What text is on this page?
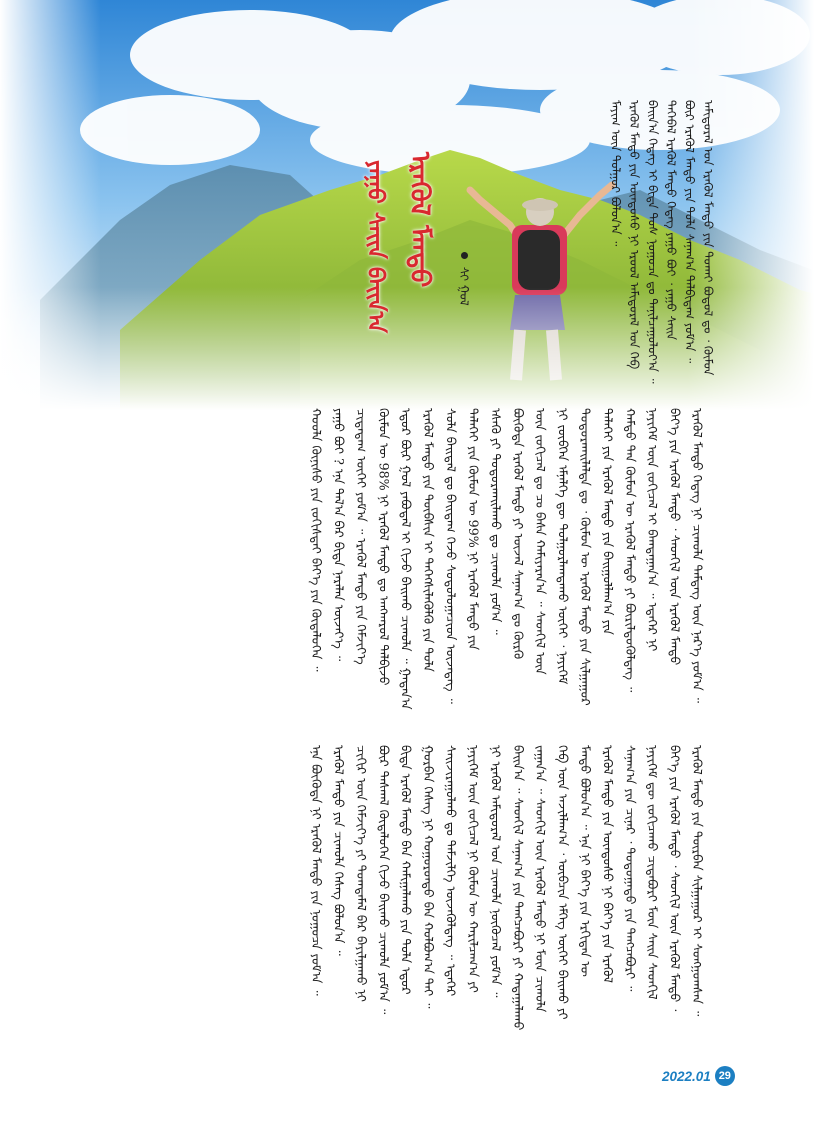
ᠡᠷᠡᠭᠦᠯ ᠮᠡᠨᠳᠦ
ᠶᠠᠭᠤ ᠰᠠᠢᠨ ᠪᠠᠢᠨ᠎ᠠ	ᠰᠢ ᠭᠤᠯ	ᠠᠮᠢᠳᠤᠷᠠᠯ ᠤᠨ ᠡᠷᠡᠭᠦᠯ ᠮᠡᠨᠳᠦ ᠶᠢᠨ ᠲᠤᠬᠠᠢ ᠪᠣᠳᠣᠯ ᠳᠤ ᠂ ᠬᠦᠮᠦᠨ
ᠪᠦᠷ ᠡᠷᠡᠭᠦᠯ ᠮᠡᠨᠳᠦ ᠶᠢᠨ ᠲᠤᠯᠠ ᠰᠠᠨᠠᠭ᠎ᠠ ᠲᠠᠯᠪᠢᠳᠠᠭ ᠶᠤᠮ᠎ᠠ ᠃
ᠲᠡᠭᠡᠪᠡᠯ ᠡᠷᠡᠭᠦᠯ ᠮᠡᠨᠳᠦ ᠭᠡᠳᠡᠭ ᠶᠠᠭᠤ ᠪᠤᠢ ᠂ ᠶᠠᠭᠤ ᠰᠠᠢᠨ
ᠪᠠᠢᠨ᠎ᠠ ᠭᠡᠳᠡᠭ ᠢ ᠪᠢᠳᠡ ᠲᠤᠰ ᠨᠤᠭᠤᠴᠠ ᠳᠤ ᠲᠠᠨᠢᠯᠴᠠᠭᠤᠯᠤᠶ᠎ᠠ ᠃
ᠡᠷᠡᠭᠦᠯ ᠮᠡᠨᠳᠦ ᠶᠢᠨ ᠦᠨᠳᠦᠰᠦ ᠨᠢ ᠡᠷᠦᠦᠯ ᠠᠮᠢᠳᠤᠷᠠᠯ ᠤᠨ ᠬᠡᠪ
ᠮᠠᠶᠢᠭ ᠦᠨ ᠲᠤᠯᠭᠤᠷ ᠪᠣᠯᠤᠨ᠎ᠠ ᠃
ᠡᠷᠡᠭᠦᠯ ᠮᠡᠨᠳᠦ ᠭᠡᠳᠡᠭ ᠨᠢ ᠴᠢᠬᠤᠯᠠ ᠲᠡᠮᠳᠡᠭ ᠦᠨ ᠨᠡᠷ᠎ᠡ ᠶᠤᠮ᠎ᠠ ᠃
ᠪᠡᠶ᠎ᠡ ᠶᠢᠨ ᠡᠷᠡᠭᠦᠯ ᠮᠡᠨᠳᠦ ᠂ ᠰᠡᠳᠬᠢᠯ ᠦᠨ ᠡᠷᠡᠭᠦᠯ ᠮᠡᠨᠳᠦ
ᠨᠡᠶᠢᠭᠡᠮ ᠦᠨ ᠵᠣᠬᠢᠴᠠᠯ ᠢ ᠪᠠᠭᠲᠠᠭᠠᠨ᠎ᠠ ᠃ ᠡᠳᠡᠭᠡᠷ ᠨᠢ
ᠬᠠᠮᠲᠤ ᠳᠠᠨ ᠬᠦᠮᠦᠨ ᠦ ᠡᠷᠡᠭᠦᠯ ᠮᠡᠨᠳᠦ ᠶᠢ ᠪᠦᠷᠢᠯᠳᠦᠭᠦᠯᠳᠡᠭ ᠃
ᠳᠡᠯᠡᠬᠡᠢ ᠶᠢᠨ ᠡᠷᠡᠭᠦᠯ ᠮᠡᠨᠳᠦ ᠶᠢᠨ ᠪᠠᠢᠭᠤᠯᠯᠠᠭ᠎ᠠ ᠶᠢᠨ
ᠲᠣᠳᠤᠷᠬᠠᠢᠯᠠᠯᠲᠠ ᠳᠤ ᠂ ᠬᠦᠮᠦᠨ ᠦ ᠡᠷᠡᠭᠦᠯ ᠮᠡᠨᠳᠦ ᠶᠢᠨ ᠰᠢᠯᠭᠠᠭᠤᠷ
ᠨᠢ ᠵᠦᠪᠬᠡᠨ ᠡᠮᠨᠡᠯᠭᠡ ᠳᠦ ᠲᠤᠯᠭᠤᠷᠯᠠᠭᠳᠠᠬᠤ ᠦᠭᠡᠢ ᠂ ᠨᠡᠶᠢᠭᠡᠮ
ᠦᠨ ᠵᠣᠬᠢᠴᠠᠯ ᠳᠤ ᠴᠤ ᠪᠠᠰᠠ ᠬᠠᠮᠢᠶᠠᠷᠠᠨ᠎ᠠ ᠃ ᠰᠡᠳᠬᠢᠯ ᠦᠨ
ᠪᠦᠭᠦᠳᠡ ᠡᠷᠡᠭᠦᠯ ᠮᠡᠨᠳᠦ ᠶᠢ ᠦᠵᠡᠯ ᠰᠠᠨᠠᠭ᠎ᠠ ᠳᠤ ᠬᠦᠷᠬᠦ
ᠡᠰᠡᠬᠦ ᠶᠢ ᠲᠣᠳᠤᠷᠬᠠᠢᠯᠠᠬᠤ ᠳᠤ ᠴᠢᠬᠤᠯᠠ ᠶᠤᠮ᠎ᠠ ᠃
ᠳᠡᠯᠡᠬᠡᠢ ᠶᠢᠨ ᠬᠦᠮᠦᠨ ᠦ 99% ᠨᠢ ᠡᠷᠡᠭᠦᠯ ᠮᠡᠨᠳᠦ ᠶᠢᠨ
ᠰᠤᠯᠠ ᠪᠠᠢᠳᠠᠯ ᠳᠤ ᠪᠠᠢᠳᠠᠭ ᠭᠡᠵᠦ ᠰᠤᠳᠤᠯᠤᠭᠠᠴᠢᠳ ᠦᠵᠡᠳᠡᠭ ᠃
ᠡᠷᠡᠭᠦᠯ ᠮᠡᠨᠳᠦ ᠶᠢᠨ ᠲᠦᠪᠰᠢᠨ ᠢ ᠳᠡᠭᠡᠭᠰᠢᠯᠡᠭᠦᠯᠬᠦ ᠶᠢᠨ ᠲᠤᠯᠠ
ᠡᠳᠦᠷ ᠪᠦᠷ ᠭᠣᠯ ᠶᠠᠪᠤᠳᠠᠯ ᠢ ᠬᠢᠵᠦ ᠪᠠᠢᠬᠤ ᠴᠢᠬᠤᠯᠠ ᠃ ᠭᠠᠳᠠᠨ᠎ᠠ
ᠬᠦᠮᠦᠨ ᠦ 98% ᠨᠢ ᠡᠷᠡᠭᠦᠯ ᠮᠡᠨᠳᠦ ᠳᠤ ᠠᠩᠬᠠᠷᠤᠯ ᠲᠠᠯᠪᠢᠵᠤ
ᠴᠢᠳᠠᠳᠠᠭ ᠦᠭᠡᠢ ᠶᠤᠮ᠎ᠠ ᠃ ᠡᠷᠡᠭᠦᠯ ᠮᠡᠨᠳᠦ ᠶᠢᠨ ᠬᠡᠮᠵᠢᠶ᠎ᠡ
ᠶᠠᠭᠤ ᠪᠤᠢ ? ᠡᠨᠡ ᠲᠠᠯ᠎ᠠ ᠪᠠᠷ ᠪᠢᠳᠡ ᠨᠡᠷᠡᠯᠡᠨ ᠦᠵᠡᠶ᠎ᠡ ᠃
ᠬᠣᠣᠯᠠ ᠬᠦᠨᠢᠰᠦ ᠶᠢᠨ ᠵᠣᠬᠢᠰᠲᠠᠢ ᠪᠡᠶ᠎ᠡ ᠶᠢᠨ ᠬᠦᠳᠡᠯᠦᠭᠡᠨ ᠃
ᠡᠷᠡᠭᠦᠯ ᠮᠡᠨᠳᠦ ᠶᠢᠨ ᠳᠥᠷᠪᠡᠨ ᠰᠢᠯᠭᠠᠭᠤᠷ ᠢ ᠰᠣᠩᠭᠣᠭᠰᠠᠨ ᠃
ᠪᠡᠶ᠎ᠡ ᠶᠢᠨ ᠡᠷᠡᠭᠦᠯ ᠮᠡᠨᠳᠦ ᠂ ᠰᠡᠳᠬᠢᠯ ᠦᠨ ᠡᠷᠡᠭᠦᠯ ᠮᠡᠨᠳᠦ ᠂
ᠨᠡᠶᠢᠭᠡᠮ ᠳᠦ ᠵᠣᠬᠢᠴᠠᠬᠤ ᠴᠢᠳᠠᠪᠤᠷᠢ ᠮᠥᠨ ᠰᠠᠢᠨ ᠰᠡᠳᠬᠢᠯ
ᠰᠠᠨᠠᠭ᠎ᠠ ᠶᠢᠨ ᠴᠢᠨᠠᠷ ᠂ ᠳᠣᠲᠣᠭᠠᠳᠤ ᠶᠢᠨ ᠲᠡᠩᠴᠡᠪᠦᠷᠢ ᠃
ᠡᠷᠡᠭᠦᠯ ᠮᠡᠨᠳᠦ ᠶᠢᠨ ᠦᠨᠳᠦᠰᠦ ᠨᠢ ᠪᠡᠶ᠎ᠡ ᠶᠢᠨ ᠡᠷᠡᠭᠦᠯ
ᠮᠡᠨᠳᠦ ᠪᠣᠯᠤᠨ᠎ᠠ ᠃ ᠡᠨᠡ ᠨᠢ ᠪᠡᠶ᠎ᠡ ᠶᠢᠨ ᠡᠷᠬᠢᠲᠡᠨ ᠦ
ᠬᠡᠪ ᠦᠨ ᠠᠵᠢᠯᠯᠠᠭ᠎ᠠ ᠂ ᠥᠪᠴᠢᠨ ᠡᠮᠭᠡᠭ ᠦᠭᠡᠢ ᠪᠠᠢᠬᠤ ᠶᠢ
ᠵᠠᠭᠠᠨ᠎ᠠ ᠃ ᠰᠡᠳᠬᠢᠯ ᠦᠨ ᠡᠷᠡᠭᠦᠯ ᠮᠡᠨᠳᠦ ᠨᠢ ᠮᠥᠨ ᠴᠢᠬᠤᠯᠠ
ᠪᠠᠢᠨ᠎ᠠ ᠃ ᠰᠡᠳᠬᠢᠯ ᠰᠠᠨᠠᠭ᠎ᠠ ᠶᠢᠨ ᠲᠡᠩᠴᠡᠪᠦᠷᠢ ᠶᠢ ᠬᠠᠳᠠᠭᠠᠯᠠᠬᠤ
ᠨᠢ ᠡᠷᠡᠭᠦᠯ ᠠᠮᠢᠳᠤᠷᠠᠯ ᠤᠨ ᠴᠢᠬᠤᠯᠠ ᠨᠥᠬᠦᠴᠡᠯ ᠶᠤᠮ᠎ᠠ ᠃
ᠨᠡᠶᠢᠭᠡᠮ ᠦᠨ ᠵᠣᠬᠢᠴᠠᠯ ᠨᠢ ᠬᠦᠮᠦᠨ ᠦ ᠬᠠᠷᠢᠯᠴᠠᠭ᠎ᠠ ᠶᠢ
ᠰᠠᠢᠵᠢᠷᠠᠭᠤᠯᠬᠤ ᠳᠤ ᠳᠡᠮᠵᠢᠯᠭᠡ ᠦᠵᠡᠭᠦᠯᠳᠡᠭ ᠃ ᠡᠳᠡᠭᠡᠷ
ᠭᠤᠷᠪᠠᠨ ᠬᠡᠰᠡᠭ ᠨᠢ ᠬᠣᠭᠣᠷᠣᠨᠳᠣ ᠪᠡᠨ ᠬᠣᠯᠪᠣᠭ᠎ᠠ ᠲᠠᠢ ᠃
ᠪᠢᠳᠡ ᠡᠷᠡᠭᠦᠯ ᠮᠡᠨᠳᠦ ᠪᠡᠨ ᠬᠠᠮᠢᠭᠠᠯᠠᠬᠤ ᠶᠢᠨ ᠲᠤᠯᠠ ᠡᠳᠦᠷ
ᠪᠦᠷ ᠳᠠᠰᠬᠠᠯ ᠬᠦᠳᠡᠯᠦᠭᠡᠨ ᠬᠢᠵᠦ ᠪᠠᠢᠬᠤ ᠴᠢᠬᠤᠯᠠ ᠶᠤᠮ᠎ᠠ ᠃
ᠴᠢᠬᠢᠷ ᠦᠨ ᠬᠡᠮᠵᠢᠶ᠎ᠡ ᠶᠢ ᠲᠣᠭᠲᠠᠮᠠᠯ ᠪᠠᠷ ᠪᠠᠶᠢᠯᠭᠠᠬᠤ ᠨᠢ
ᠡᠷᠡᠭᠦᠯ ᠮᠡᠨᠳᠦ ᠶᠢᠨ ᠴᠢᠬᠤᠯᠠ ᠬᠡᠰᠡᠭ ᠪᠣᠯᠤᠨ᠎ᠠ ᠃
ᠡᠨᠡ ᠪᠦᠭᠦᠳᠡ ᠨᠢ ᠡᠷᠡᠭᠦᠯ ᠮᠡᠨᠳᠦ ᠶᠢᠨ ᠨᠤᠭᠤᠴᠠ ᠶᠤᠮ᠎ᠠ ᠃
2022.01 29
